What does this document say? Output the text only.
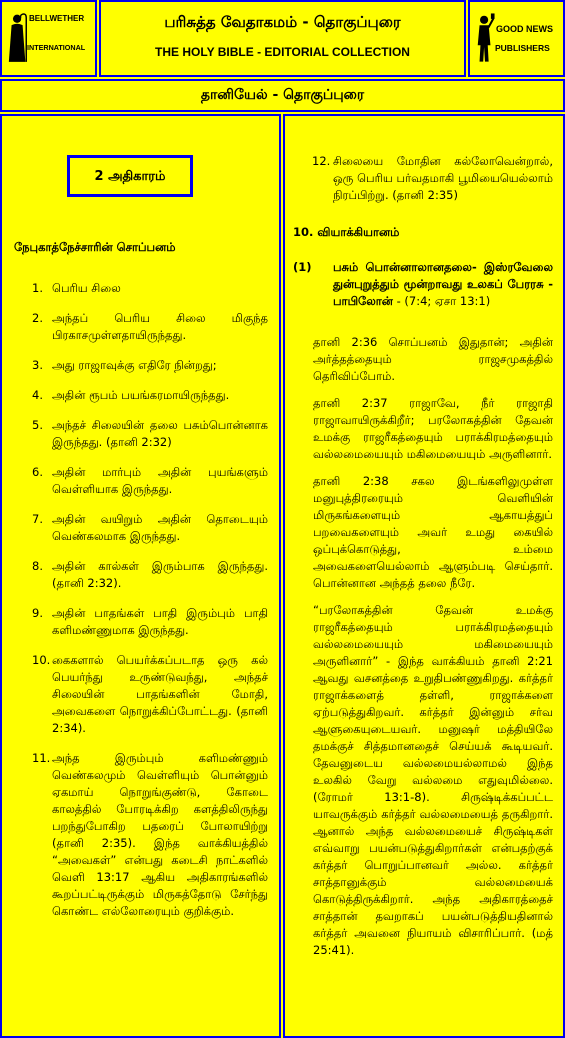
BELLWETHER
INTERNATIONAL
பரிசுத்த வேதாகமம் - தொகுப்புரை
THE HOLY BIBLE - EDITORIAL COLLECTION
GOOD NEWS
PUBLISHERS
தானியேல் - தொகுப்புரை
2 அதிகாரம்
நேபுகாத்நேச்சாரின் சொப்பனம்
1. பெரிய சிலை
2. அந்தப் பெரிய சிலை மிகுந்த பிரகாசமுள்ளதாயிருந்தது.
3. அது ராஜாவுக்கு எதிரே நின்றது;
4. அதின் ரூபம் பயங்கரமாயிருந்தது.
5. அந்தச் சிலையின் தலை பசும்பொன்னாக இருந்தது. (தானி 2:32)
6. அதின் மார்பும் அதின் புயங்களும் வெள்ளியாக இருந்தது.
7. அதின் வயிறும் அதின் தொடையும் வெண்கலமாக இருந்தது.
8. அதின் கால்கள் இரும்பாக இருந்தது. (தானி 2:32).
9. அதின் பாதங்கள் பாதி இரும்பும் பாதி களிமண்ணுமாக இருந்தது.
10. கைகளால் பெயர்க்கப்படாத ஒரு கல் பெயர்ந்து உருண்டுவந்து, அந்தச் சிலையின் பாதங்களின் மோதி, அவைகளை நொறுக்கிப்போட்டது. (தானி 2:34).
11. அந்த இரும்பும் களிமண்ணும் வெண்கலமும் வெள்ளியும் பொன்னும் ஏகமாய் நொறுங்குண்டு, கோடை காலத்தில் போரடிக்கிற களத்திலிருந்து பறந்துபோகிற பதரைப் போலாயிற்று (தானி 2:35). இந்த வாக்கியத்தில் “அவைகள்” என்பது கடைசி நாட்களில் வெளி 13:17 ஆகிய அதிகாரங்களில் கூறப்பட்டிருக்கும் மிருகத்தோடு சேர்ந்து கொண்ட எல்லோரையும் குறிக்கும்.
12. சிலையை மோதின கல்லோவென்றால், ஒரு பெரிய பர்வதமாகி பூமியையெல்லாம் நிரப்பிற்று. (தானி 2:35)
10. வியாக்கியானம்
(1)	பசும் பொன்னாலானதலை- இஸ்ரவேலை துன்புறுத்தும் மூன்றாவது உலகப் பேரரசு - பாபிலோன் - (7:4; ஏசா 13:1)

தானி 2:36 சொப்பனம் இதுதான்; அதின் அர்த்தத்தையும் ராஜசமுகத்தில் தெரிவிப்போம்.

தானி 2:37 ராஜாவே, நீர் ராஜாதி ராஜாவாயிருக்கிறீர்; பரலோகத்தின் தேவன் உமக்கு ராஜரீகத்தையும் பராக்கிரமத்தையும் வல்லமையையும் மகிமையையும் அருளினார்.

தானி 2:38 சகல இடங்களிலுமுள்ள மனுபுத்திரரையும் வெளியின் மிருகங்களையும் ஆகாயத்துப் பறவைகளையும் அவர் உமது கையில் ஒப்புக்கொடுத்து, உம்மை அவைகளையெல்லாம் ஆளும்படி செய்தார். பொன்னான அந்தத் தலை நீரே.

“பரலோகத்தின் தேவன் உமக்கு ராஜரீகத்தையும் பராக்கிரமத்தையும் வல்லமையையும் மகிமையையும் அருளினார்” - இந்த வாக்கியம் தானி 2:21 ஆவது வசனத்தை உறுதிபண்ணுகிறது. கர்த்தர் ராஜாக்களைத் தள்ளி, ராஜாக்களை ஏற்படுத்துகிறவர். கர்த்தர் இன்னும் சர்வ ஆளுகையுடையவர். மனுஷர் மத்தியிலே தமக்குச் சித்தமானதைச் செய்யக் கூடியவர். தேவனுடைய வல்லமையல்லாமல் இந்த உலகில் வேறு வல்லமை எதுவுமில்லை. (ரோமர் 13:1-8). சிருஷ்டிக்கப்பட்ட யாவருக்கும் கர்த்தர் வல்லமையைத் தருகிறார். ஆனால் அந்த வல்லமையைச் சிருஷ்டிகள் எவ்வாறு பயன்படுத்துகிறார்கள் என்பதற்குக் கர்த்தர் பொறுப்பானவர் அல்ல. கர்த்தர் சாத்தானுக்கும் வல்லமையைக் கொடுத்திருக்கிறார். அந்த அதிகாரத்தைச் சாத்தான் தவறாகப் பயன்படுத்தியதினால் கர்த்தர் அவனை நியாயம் விசாரிப்பார். (மத் 25:41).
